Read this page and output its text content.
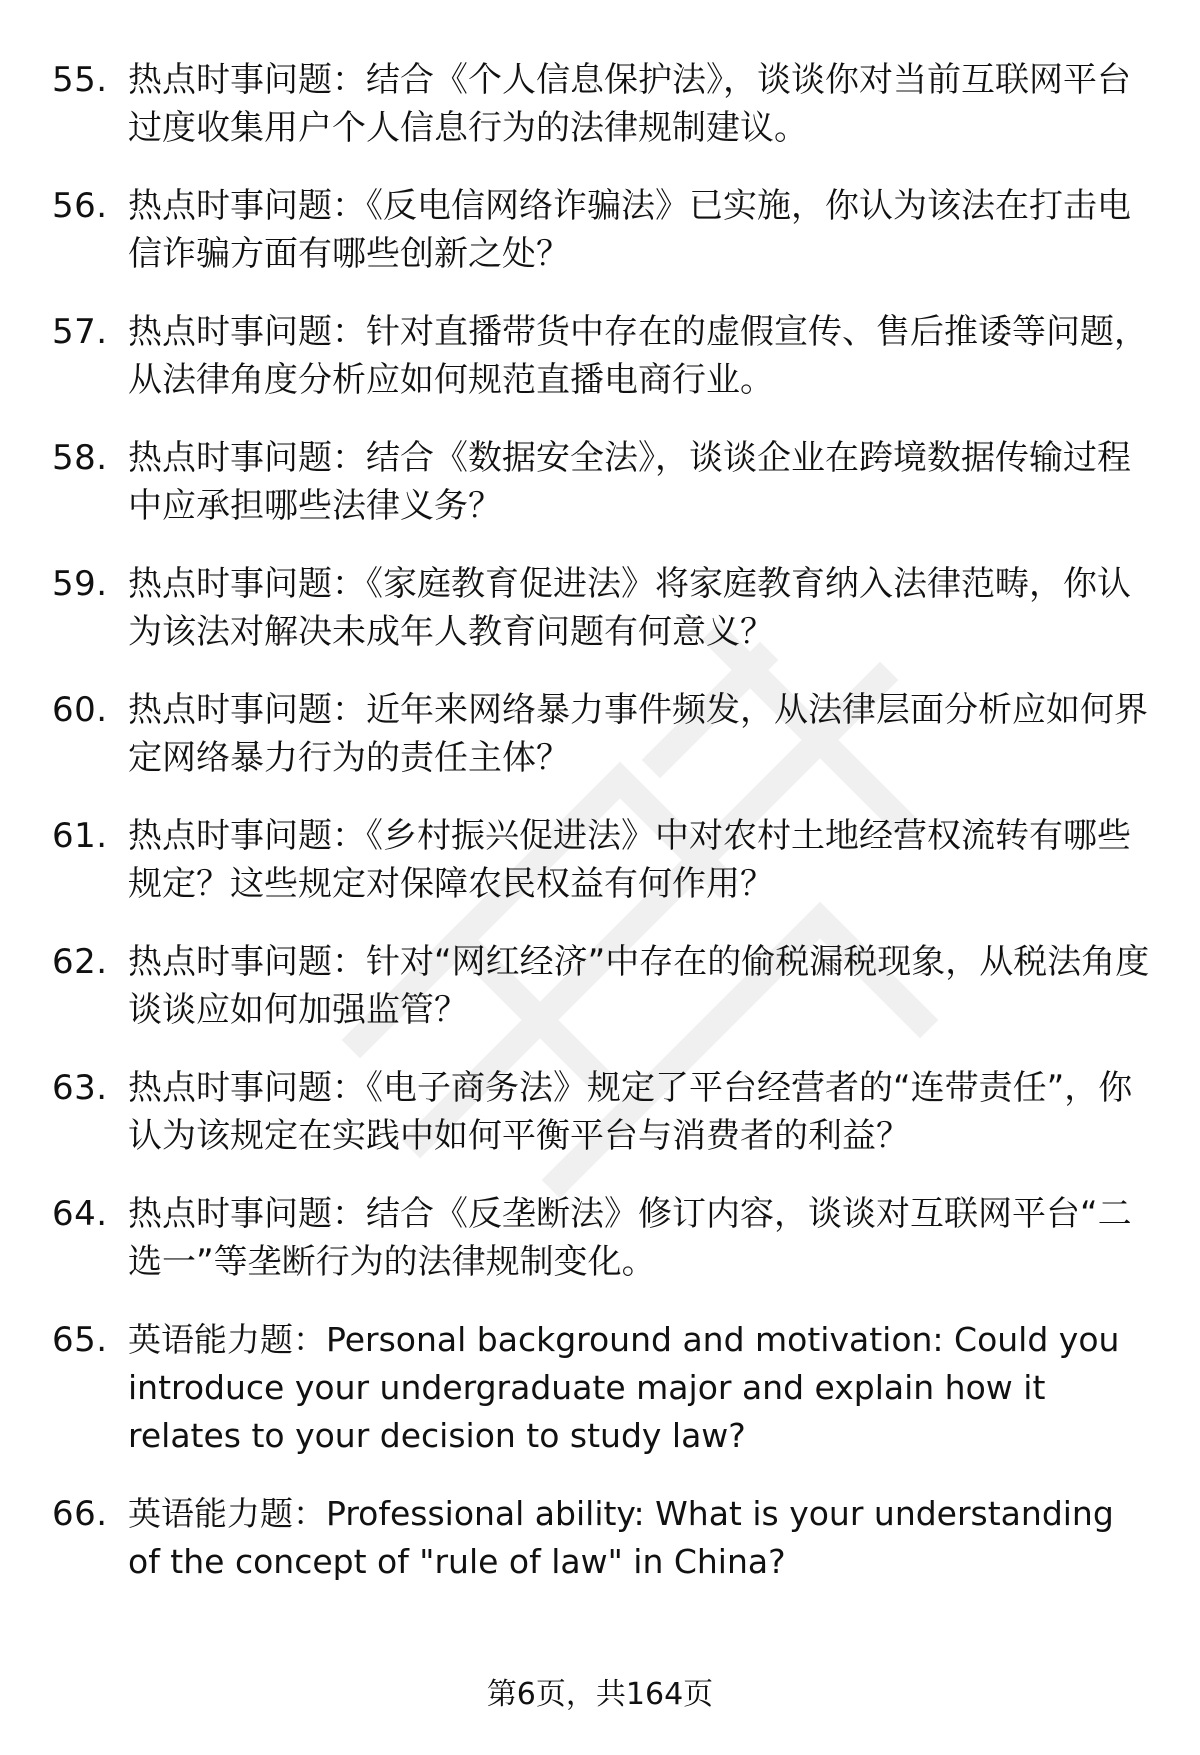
55. 热点时事问题：结合《个人信息保护法》，谈谈你对当前互联网平台过度收集用户个人信息行为的法律规制建议。
56. 热点时事问题：《反电信网络诈骗法》已实施，你认为该法在打击电信诈骗方面有哪些创新之处？
57. 热点时事问题：针对直播带货中存在的虚假宣传、售后推诿等问题，从法律角度分析应如何规范直播电商行业。
58. 热点时事问题：结合《数据安全法》，谈谈企业在跨境数据传输过程中应承担哪些法律义务？
59. 热点时事问题：《家庭教育促进法》将家庭教育纳入法律范畴，你认为该法对解决未成年人教育问题有何意义？
60. 热点时事问题：近年来网络暴力事件频发，从法律层面分析应如何界定网络暴力行为的责任主体？
61. 热点时事问题：《乡村振兴促进法》中对农村土地经营权流转有哪些规定？这些规定对保障农民权益有何作用？
62. 热点时事问题：针对“网红经济”中存在的偷税漏税现象，从税法角度谈谈应如何加强监管？
63. 热点时事问题：《电子商务法》规定了平台经营者的“连带责任”，你认为该规定在实践中如何平衡平台与消费者的利益？
64. 热点时事问题：结合《反垄断法》修订内容，谈谈对互联网平台“二选一”等垄断行为的法律规制变化。
65. 英语能力题：Personal background and motivation: Could you introduce your undergraduate major and explain how it relates to your decision to study law?
66. 英语能力题：Professional ability: What is your understanding of the concept of "rule of law" in China?
第6页，共164页
